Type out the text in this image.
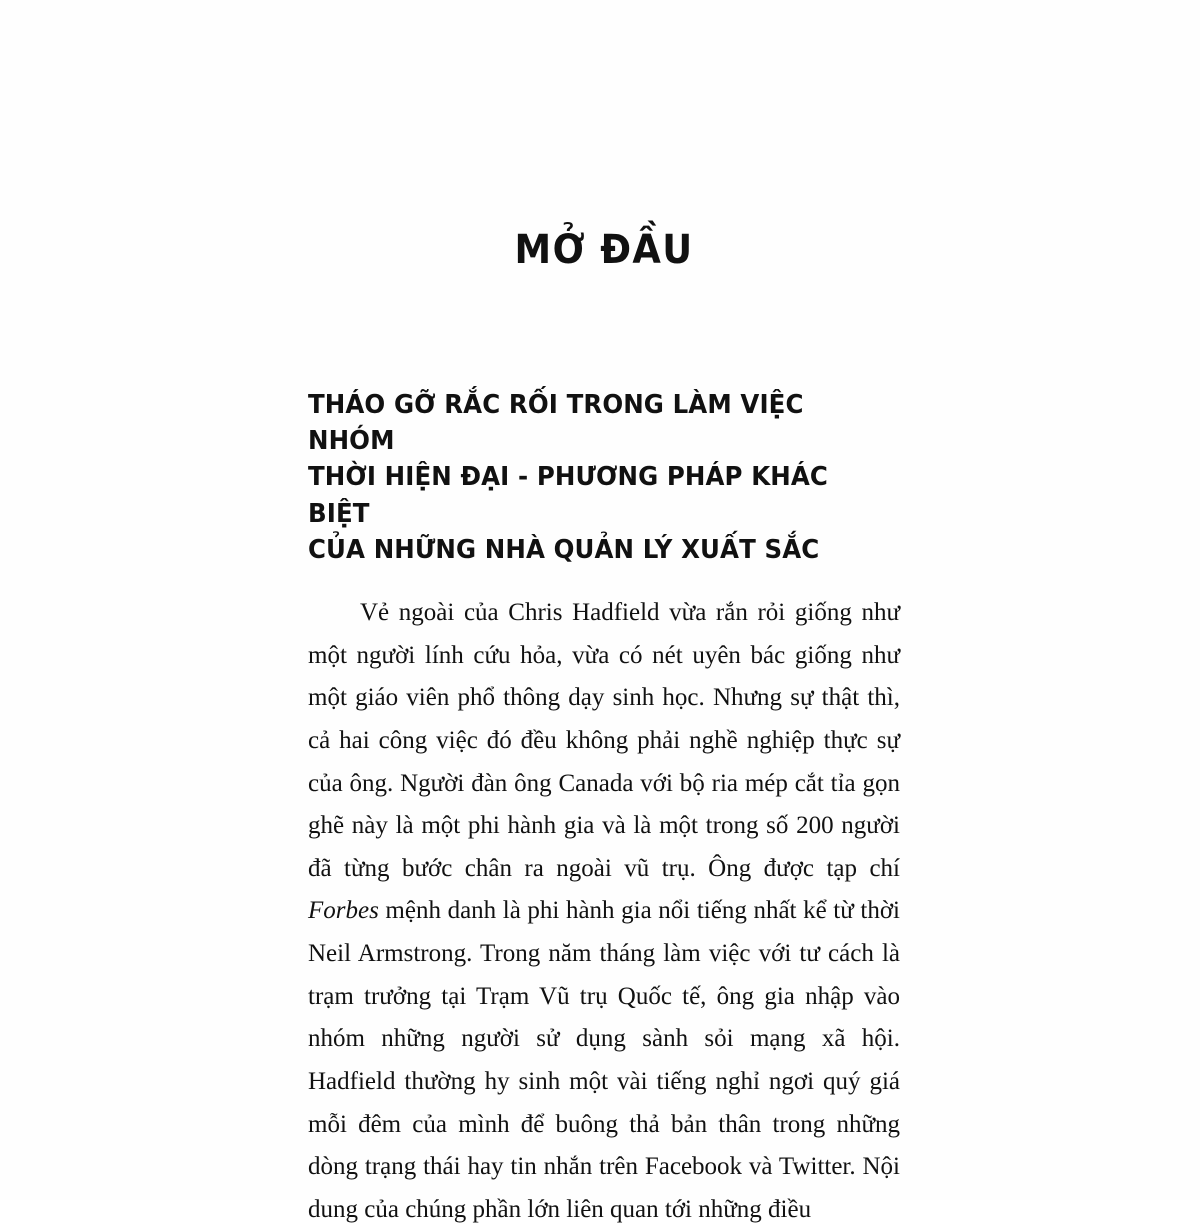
MỞ ĐẦU
THÁO GỠ RẮC RỐI TRONG LÀM VIỆC NHÓM
THỜI HIỆN ĐẠI - PHƯƠNG PHÁP KHÁC BIỆT
CỦA NHỮNG NHÀ QUẢN LÝ XUẤT SẮC

Vẻ ngoài của Chris Hadfield vừa rắn rỏi giống như một người lính cứu hỏa, vừa có nét uyên bác giống như một giáo viên phổ thông dạy sinh học. Nhưng sự thật thì, cả hai công việc đó đều không phải nghề nghiệp thực sự của ông. Người đàn ông Canada với bộ ria mép cắt tỉa gọn ghẽ này là một phi hành gia và là một trong số 200 người đã từng bước chân ra ngoài vũ trụ. Ông được tạp chí Forbes mệnh danh là phi hành gia nổi tiếng nhất kể từ thời Neil Armstrong. Trong năm tháng làm việc với tư cách là trạm trưởng tại Trạm Vũ trụ Quốc tế, ông gia nhập vào nhóm những người sử dụng sành sỏi mạng xã hội. Hadfield thường hy sinh một vài tiếng nghỉ ngơi quý giá mỗi đêm của mình để buông thả bản thân trong những dòng trạng thái hay tin nhắn trên Facebook và Twitter. Nội dung của chúng phần lớn liên quan tới những điều
